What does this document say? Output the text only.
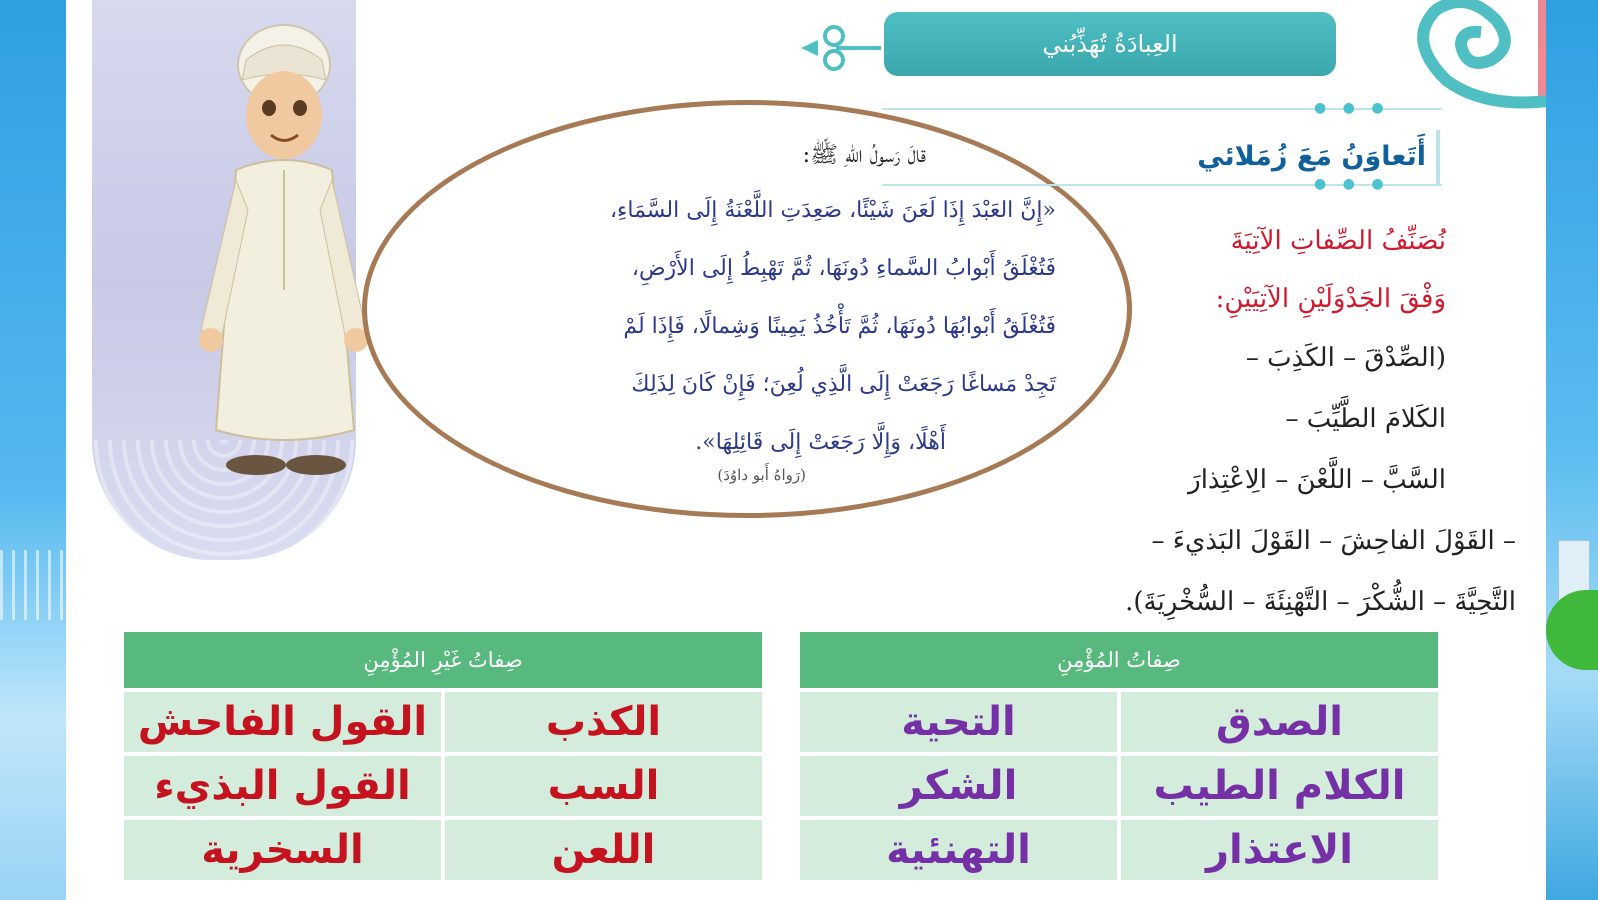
قالَ رَسولُ اللهِ ﷺ:

«إِنَّ العَبْدَ إِذَا لَعَنَ شَيْئًا، صَعِدَتِ اللَّعْنَةُ إِلَى السَّمَاءِ،

فَتُغْلَقُ أَبْوابُ السَّماءِ دُونَهَا، ثُمَّ تَهْبِطُ إِلَى الأَرْضِ،

فَتُغْلَقُ أَبْوابُهَا دُونَهَا، ثُمَّ تَأْخُذُ يَمِينًا وَشِمالًا، فَإِذَا لَمْ

تَجِدْ مَساغًا رَجَعَتْ إِلَى الَّذِي لُعِنَ؛ فَإِنْ كَانَ لِذَلِكَ

أَهْلًا، وَإِلَّا رَجَعَتْ إِلَى قَائِلِهَا».

(رَواهُ أَبو داوُدَ)

العِبادَةُ تُهَذِّبُني
● ● ●
أَتَعاوَنُ مَعَ زُمَلائي
● ● ●

نُصَنِّفُ الصِّفاتِ الآتِيَةَ

وَفْقَ الجَدْوَلَيْنِ الآتِيَيْنِ:

(الصِّدْقَ – الكَذِبَ –

الكَلامَ الطَّيِّبَ –

السَّبَّ – اللَّعْنَ – الِاعْتِذارَ

– القَوْلَ الفاحِشَ – القَوْلَ البَذيءَ –

التَّحِيَّةَ – الشُّكْرَ – التَّهْنِئَةَ – السُّخْرِيَةَ).

صِفاتُ المُؤْمِنِ
الصدق
التحية
الكلام الطيب
الشكر
الاعتذار
التهنئية
صِفاتُ غَيْرِ المُؤْمِنِ
الكذب
القول الفاحش
السب
القول البذيء
اللعن
السخرية
